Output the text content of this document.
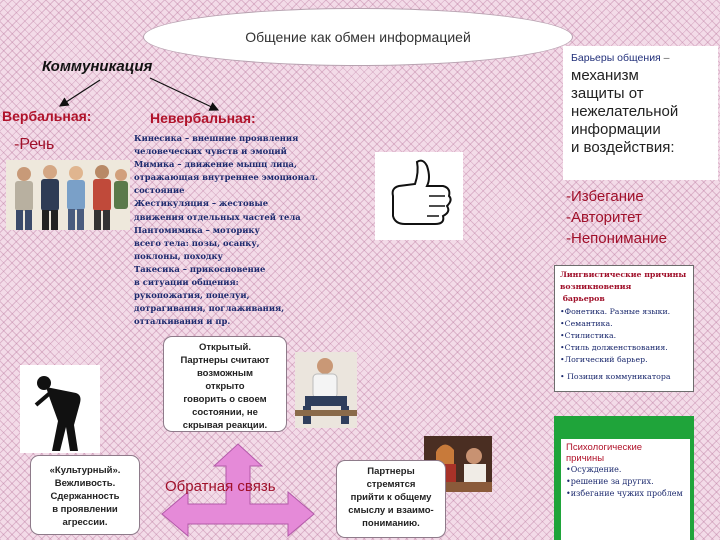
Общение как обмен информацией
Коммуникация
Вербальная:
-Речь
Невербальная:
Кинесика – внешние проявления
человеческих чувств и эмоций
Мимика – движение мышц лица,
отражающая внутреннее эмоционал.
состояние
Жестикуляция – жестовые
движения отдельных частей тела
Пантомимика – моторику
всего тела: позы, осанку,
поклоны, походку
Такесика – прикосновение
в ситуации общения:
рукопожатия, поцелуи,
дотрагивания, поглаживания,
отталкивания и пр.
Барьеры общения –
механизм
защиты от
нежелательной
информации
и воздействия:
-Избегание
-Авторитет
-Непонимание
Лингвистические причины
возникновения
барьеров
•Фонетика. Разные языки.
•Семантика.
•Стилистика.
•Стиль долженствования.
•Логический барьер.
• Позиция коммуникатора
Психологические
причины
•Осуждение.
•решение за других.
•избегание чужих проблем
Открытый.
Партнеры считают
возможным
открыто
говорить о своем
состоянии, не
скрывая реакции.
Обратная связь
«Культурный».
Вежливость.
Сдержанность
в проявлении
агрессии.
Партнеры
стремятся
прийти к общему
смыслу и взаимо-
пониманию.
